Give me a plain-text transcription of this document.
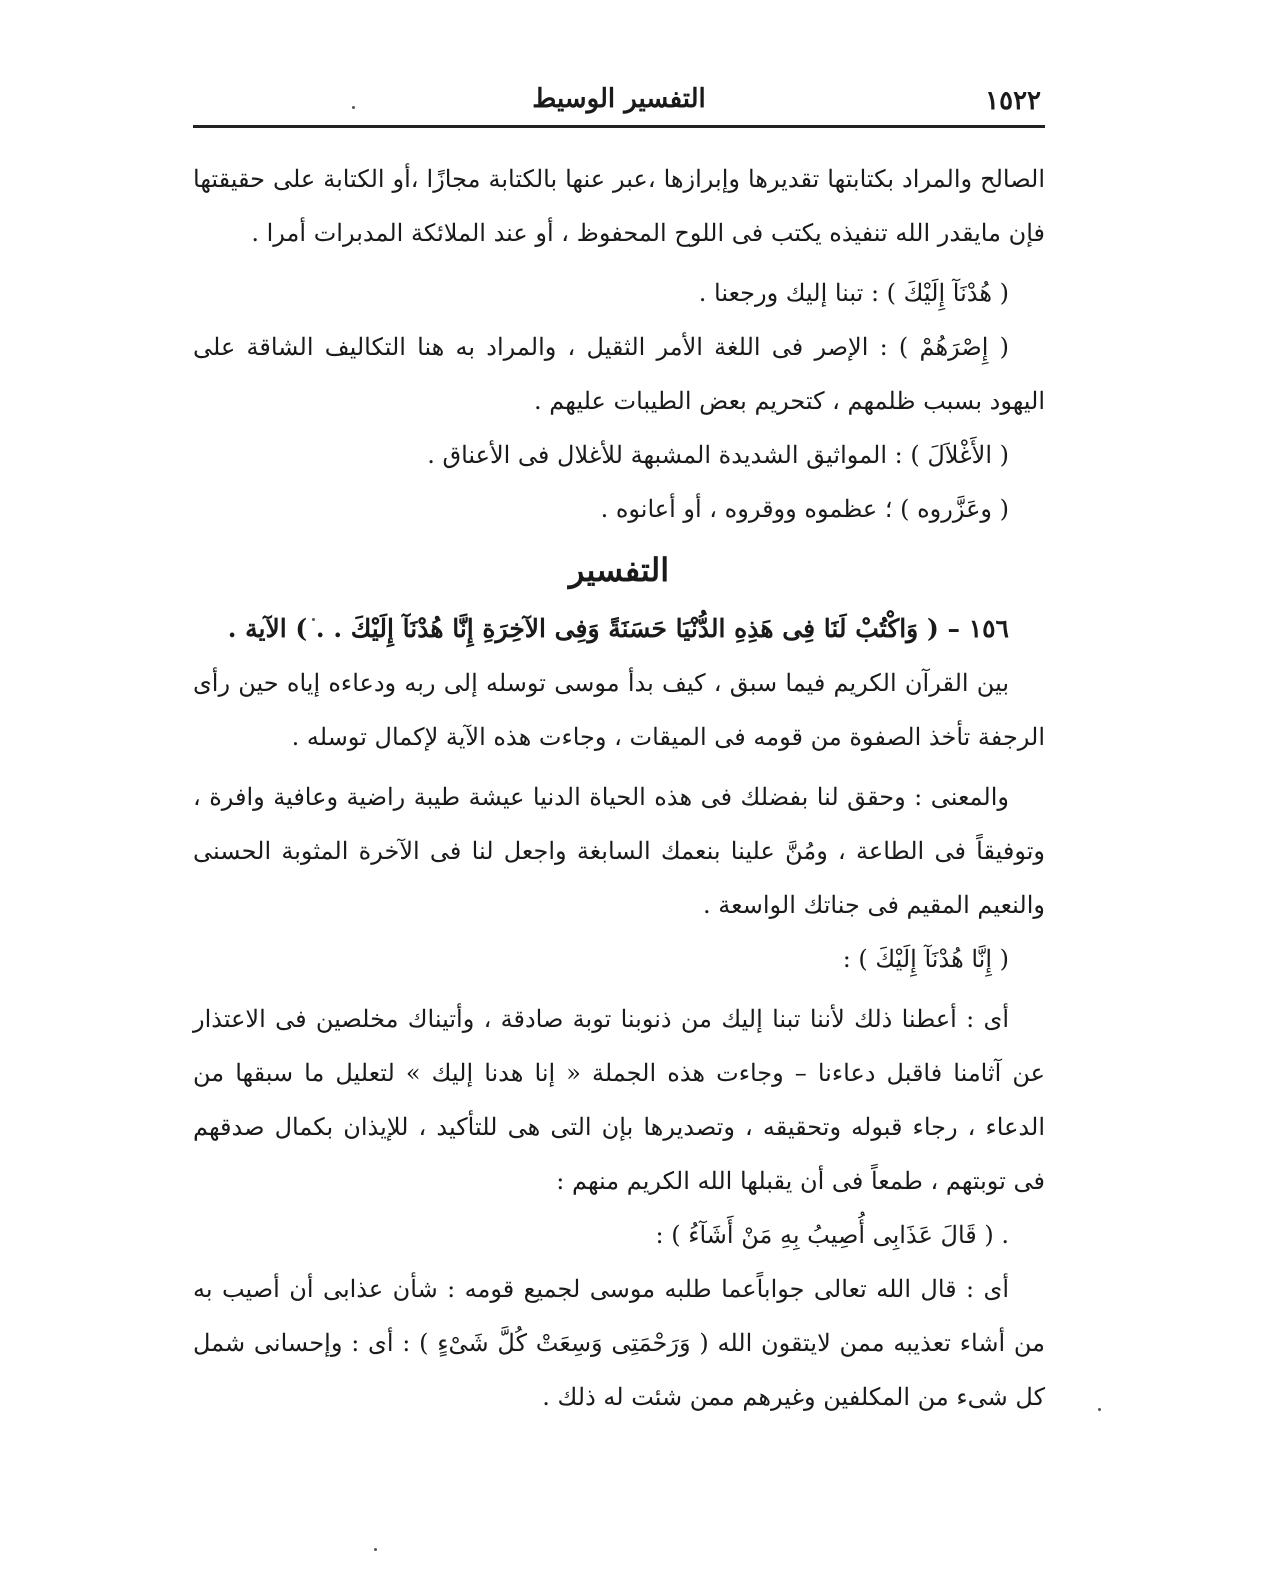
١٥٢٢
التفسير الوسيط

الصالح والمراد بكتابتها تقديرها وإبرازها ،عبر عنها بالكتابة مجازًا ،أو الكتابة على حقيقتها فإن مايقدر الله تنفيذه يكتب فى اللوح المحفوظ ، أو عند الملائكة المدبرات أمرا .

( هُدْنَآ إِلَيْكَ ) : تبنا إليك ورجعنا .

( إِصْرَهُمْ ) : الإصر فى اللغة الأمر الثقيل ، والمراد به هنا التكاليف الشاقة على اليهود بسبب ظلمهم ، كتحريم بعض الطيبات عليهم .

( الأَغْلاَلَ ) : المواثيق الشديدة المشبهة للأغلال فى الأعناق .

( وعَزَّروه ) ؛ عظموه ووقروه ، أو أعانوه .

التفسير

١٥٦ – ( وَاكْتُبْ لَنَا فِى هَذِهِ الدُّنْيَا حَسَنَةً وَفِى الآخِرَةِ إِنَّا هُدْنَآ إِلَيْكَ . . ) الآية .

بين القرآن الكريم فيما سبق ، كيف بدأ موسى توسله إلى ربه ودعاءه إياه حين رأى الرجفة تأخذ الصفوة من قومه فى الميقات ، وجاءت هذه الآية لإكمال توسله .

والمعنى : وحقق لنا بفضلك فى هذه الحياة الدنيا عيشة طيبة راضية وعافية وافرة ، وتوفيقاً فى الطاعة ، ومُنَّ علينا بنعمك السابغة واجعل لنا فى الآخرة المثوبة الحسنى والنعيم المقيم فى جناتك الواسعة .

( إِنَّا هُدْنَآ إِلَيْكَ ) :

أى : أعطنا ذلك لأننا تبنا إليك من ذنوبنا توبة صادقة ، وأتيناك مخلصين فى الاعتذار عن آثامنا فاقبل دعاءنا – وجاءت هذه الجملة « إنا هدنا إليك » لتعليل ما سبقها من الدعاء ، رجاء قبوله وتحقيقه ، وتصديرها بإن التى هى للتأكيد ، للإيذان بكمال صدقهم فى توبتهم ، طمعاً فى أن يقبلها الله الكريم منهم :

. ( قَالَ عَذَابِى أُصِيبُ بِهِ مَنْ أَشَآءُ ) :

أى : قال الله تعالى جواباًعما طلبه موسى لجميع قومه : شأن عذابى أن أصيب به من أشاء تعذيبه ممن لايتقون الله ( وَرَحْمَتِى وَسِعَتْ كُلَّ شَىْءٍ ) : أى : وإحسانى شمل كل شىء من المكلفين وغيرهم ممن شئت له ذلك .
